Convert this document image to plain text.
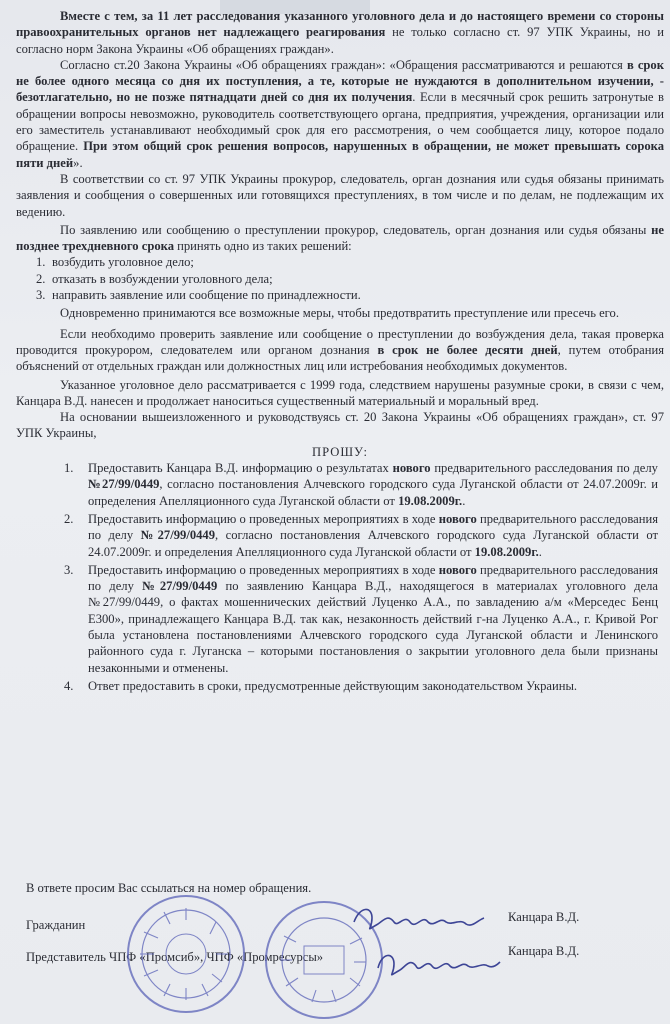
Вместе с тем, за 11 лет расследования указанного уголовного дела и до настоящего времени со стороны правоохранительных органов нет надлежащего реагирования не только согласно ст. 97 УПК Украины, но и согласно норм Закона Украины «Об обращениях граждан».

Согласно ст.20 Закона Украины «Об обращениях граждан»: «Обращения рассматриваются и решаются в срок не более одного месяца со дня их поступления, а те, которые не нуждаются в дополнительном изучении, - безотлагательно, но не позже пятнадцати дней со дня их получения. Если в месячный срок решить затронутые в обращении вопросы невозможно, руководитель соответствующего органа, предприятия, учреждения, организации или его заместитель устанавливают необходимый срок для его рассмотрения, о чем сообщается лицу, которое подало обращение. При этом общий срок решения вопросов, нарушенных в обращении, не может превышать сорока пяти дней».

В соответствии со ст. 97 УПК Украины прокурор, следователь, орган дознания или судья обязаны принимать заявления и сообщения о совершенных или готовящихся преступлениях, в том числе и по делам, не подлежащим их ведению.

По заявлению или сообщению о преступлении прокурор, следователь, орган дознания или судья обязаны не позднее трехдневного срока принять одно из таких решений:

1. возбудить уголовное дело;
2. отказать в возбуждении уголовного дела;
3. направить заявление или сообщение по принадлежности.

Одновременно принимаются все возможные меры, чтобы предотвратить преступление или пресечь его.

Если необходимо проверить заявление или сообщение о преступлении до возбуждения дела, такая проверка проводится прокурором, следователем или органом дознания в срок не более десяти дней, путем отобрания объяснений от отдельных граждан или должностных лиц или истребования необходимых документов.

Указанное уголовное дело рассматривается с 1999 года, следствием нарушены разумные сроки, в связи с чем, Канцара В.Д. нанесен и продолжает наноситься существенный материальный и моральный вред.

На основании вышеизложенного и руководствуясь ст. 20 Закона Украины «Об обращениях граждан», ст. 97 УПК Украины,

ПРОШУ:

1. Предоставить Канцара В.Д. информацию о результатах нового предварительного расследования по делу №27/99/0449, согласно постановления Алчевского городского суда Луганской области от 24.07.2009г. и определения Апелляционного суда Луганской области от 19.08.2009г..
2. Предоставить информацию о проведенных мероприятиях в ходе нового предварительного расследования по делу №27/99/0449, согласно постановления Алчевского городского суда Луганской области от 24.07.2009г. и определения Апелляционного суда Луганской области от 19.08.2009г..
3. Предоставить информацию о проведенных мероприятиях в ходе нового предварительного расследования по делу №27/99/0449 по заявлению Канцара В.Д., находящегося в материалах уголовного дела №27/99/0449, о фактах мошеннических действий Луценко А.А., по завладению а/м «Мерседес Бенц Е300», принадлежащего Канцара В.Д. так как, незаконность действий г-на Луценко А.А., г. Кривой Рог была установлена постановлениями Алчевского городского суда Луганской области и Ленинского районного суда г. Луганска – которыми постановления о закрытии уголовного дела были признаны незаконными и отменены.
4. Ответ предоставить в сроки, предусмотренные действующим законодательством Украины.
В ответе просим Вас ссылаться на номер обращения.
Гражданин
Канцара В.Д.
Представитель ЧПФ «Промсиб», ЧПФ «Промресурсы»	Канцара В.Д.
